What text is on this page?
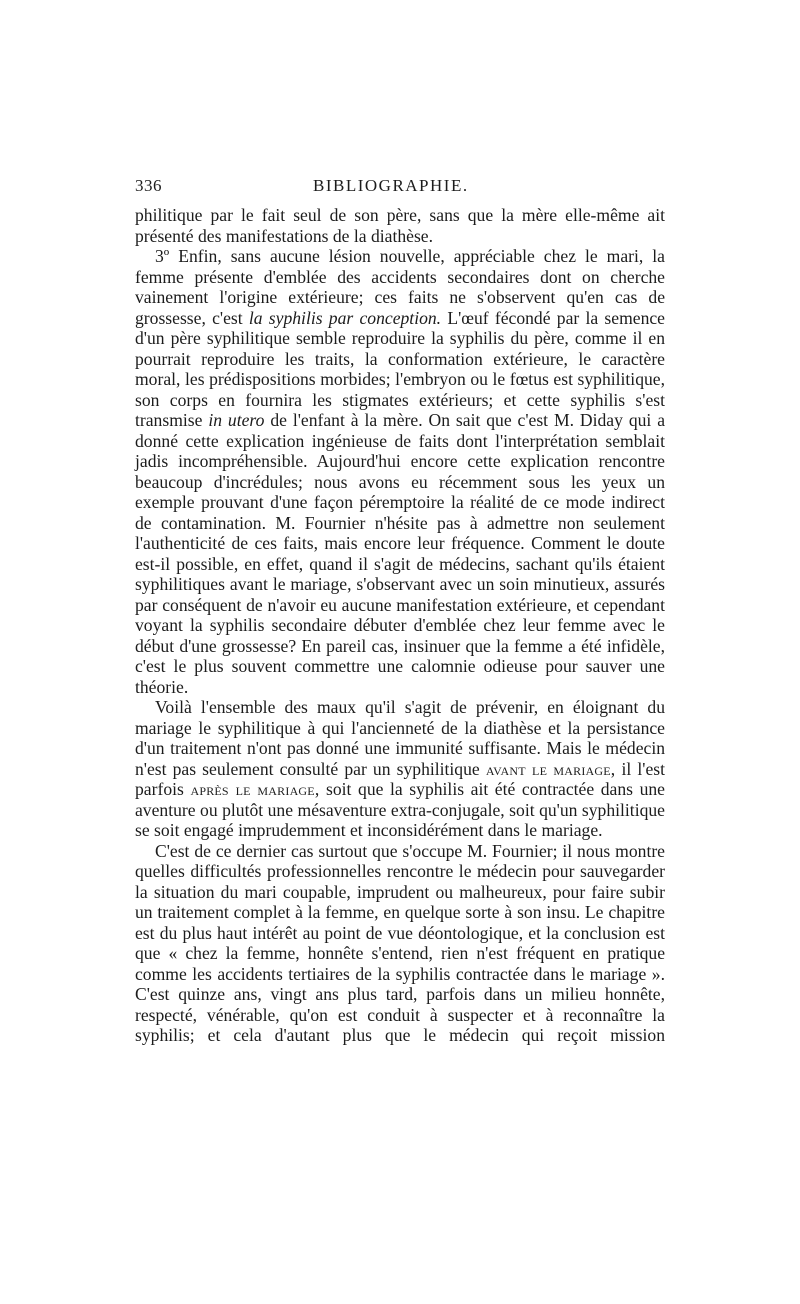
336	BIBLIOGRAPHIE.

philitique par le fait seul de son père, sans que la mère elle-même ait présenté des manifestations de la diathèse.

3º Enfin, sans aucune lésion nouvelle, appréciable chez le mari, la femme présente d'emblée des accidents secondaires dont on cherche vainement l'origine extérieure; ces faits ne s'observent qu'en cas de grossesse, c'est la syphilis par conception. L'œuf fécondé par la semence d'un père syphilitique semble reproduire la syphilis du père, comme il en pourrait reproduire les traits, la conformation extérieure, le caractère moral, les prédispositions morbides; l'embryon ou le fœtus est syphilitique, son corps en fournira les stigmates extérieurs; et cette syphilis s'est transmise in utero de l'enfant à la mère. On sait que c'est M. Diday qui a donné cette explication ingénieuse de faits dont l'interprétation semblait jadis incompréhensible. Aujourd'hui encore cette explication rencontre beaucoup d'incrédules; nous avons eu récemment sous les yeux un exemple prouvant d'une façon péremptoire la réalité de ce mode indirect de contamination. M. Fournier n'hésite pas à admettre non seulement l'authenticité de ces faits, mais encore leur fréquence. Comment le doute est-il possible, en effet, quand il s'agit de médecins, sachant qu'ils étaient syphilitiques avant le mariage, s'observant avec un soin minutieux, assurés par conséquent de n'avoir eu aucune manifestation extérieure, et cependant voyant la syphilis secondaire débuter d'emblée chez leur femme avec le début d'une grossesse? En pareil cas, insinuer que la femme a été infidèle, c'est le plus souvent commettre une calomnie odieuse pour sauver une théorie.

Voilà l'ensemble des maux qu'il s'agit de prévenir, en éloignant du mariage le syphilitique à qui l'ancienneté de la diathèse et la persistance d'un traitement n'ont pas donné une immunité suffisante. Mais le médecin n'est pas seulement consulté par un syphilitique avant le mariage, il l'est parfois après le mariage, soit que la syphilis ait été contractée dans une aventure ou plutôt une mésaventure extra-conjugale, soit qu'un syphilitique se soit engagé imprudemment et inconsidérément dans le mariage.

C'est de ce dernier cas surtout que s'occupe M. Fournier; il nous montre quelles difficultés professionnelles rencontre le médecin pour sauvegarder la situation du mari coupable, imprudent ou malheureux, pour faire subir un traitement complet à la femme, en quelque sorte à son insu. Le chapitre est du plus haut intérêt au point de vue déontologique, et la conclusion est que « chez la femme, honnête s'entend, rien n'est fréquent en pratique comme les accidents tertiaires de la syphilis contractée dans le mariage ». C'est quinze ans, vingt ans plus tard, parfois dans un milieu honnête, respecté, vénérable, qu'on est conduit à suspecter et à reconnaître la syphilis; et cela d'autant plus que le médecin qui reçoit mission
